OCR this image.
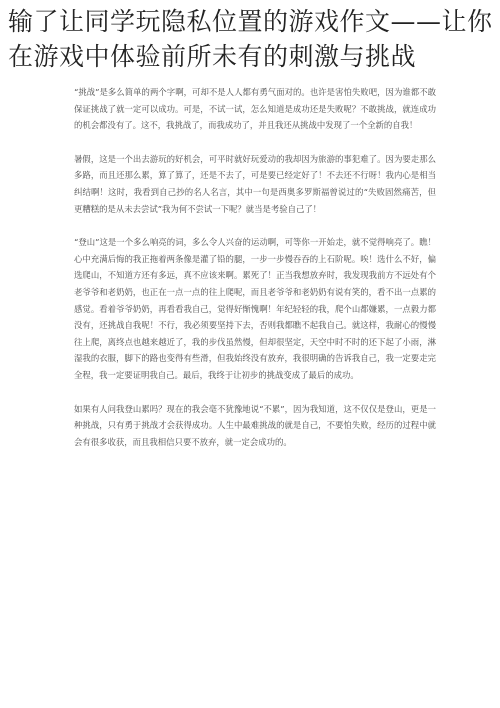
输了让同学玩隐私位置的游戏作文——让你在游戏中体验前所未有的刺激与挑战

“挑战”是多么简单的两个字啊，可却不是人人都有勇气面对的。也许是害怕失败吧，因为谁都不敢保证挑战了就一定可以成功。可是，不试一试，怎么知道是成功还是失败呢？不敢挑战，就连成功的机会都没有了。这不，我挑战了，而我成功了，并且我还从挑战中发现了一个全新的自我！

暑假，这是一个出去游玩的好机会，可平时就好玩爱动的我却因为旅游的事犯难了。因为要走那么多路，而且还那么累，算了算了，还是不去了，可是要已经定好了！不去还不行呀！我内心是相当纠结啊！这时，我看到自己抄的名人名言，其中一句是西奥多罗斯福曾说过的“失败固然痛苦，但更糟糕的是从未去尝试”我为何不尝试一下呢？就当是考验自己了！

“登山”这是一个多么响亮的词，多么令人兴奋的运动啊，可等你一开始走，就不觉得响亮了。瞧！心中充满后悔的我正拖着两条像是灌了铅的腿，一步一步慢吞吞的上石阶呢。唉！选什么不好，偏选爬山，不知道方还有多远，真不应该来啊。累死了！正当我想放弃时，我发现我前方不远处有个老爷爷和老奶奶，也正在一点一点的往上爬呢，而且老爷爷和老奶奶有说有笑的，看不出一点累的感觉。看着爷爷奶奶，再看看我自己，觉得好惭愧啊！年纪轻轻的我，爬个山都嫌累，一点毅力都没有，还挑战自我呢！不行，我必须要坚持下去，否则我都瞧不起我自己。就这样，我耐心的慢慢往上爬，离终点也越来越近了，我的步伐虽然慢，但却很坚定，天空中时不时的还下起了小雨，淋湿我的衣服，脚下的路也变得有些滑，但我始终没有放弃，我很明确的告诉我自己，我一定要走完全程，我一定要证明我自己。最后，我终于让初步的挑战变成了最后的成功。

如果有人问我登山累吗？现在的我会毫不犹豫地说“不累”，因为我知道，这不仅仅是登山，更是一种挑战，只有勇于挑战才会获得成功。人生中最难挑战的就是自己，不要怕失败，经历的过程中就会有很多收获，而且我相信只要不放弃，就一定会成功的。
